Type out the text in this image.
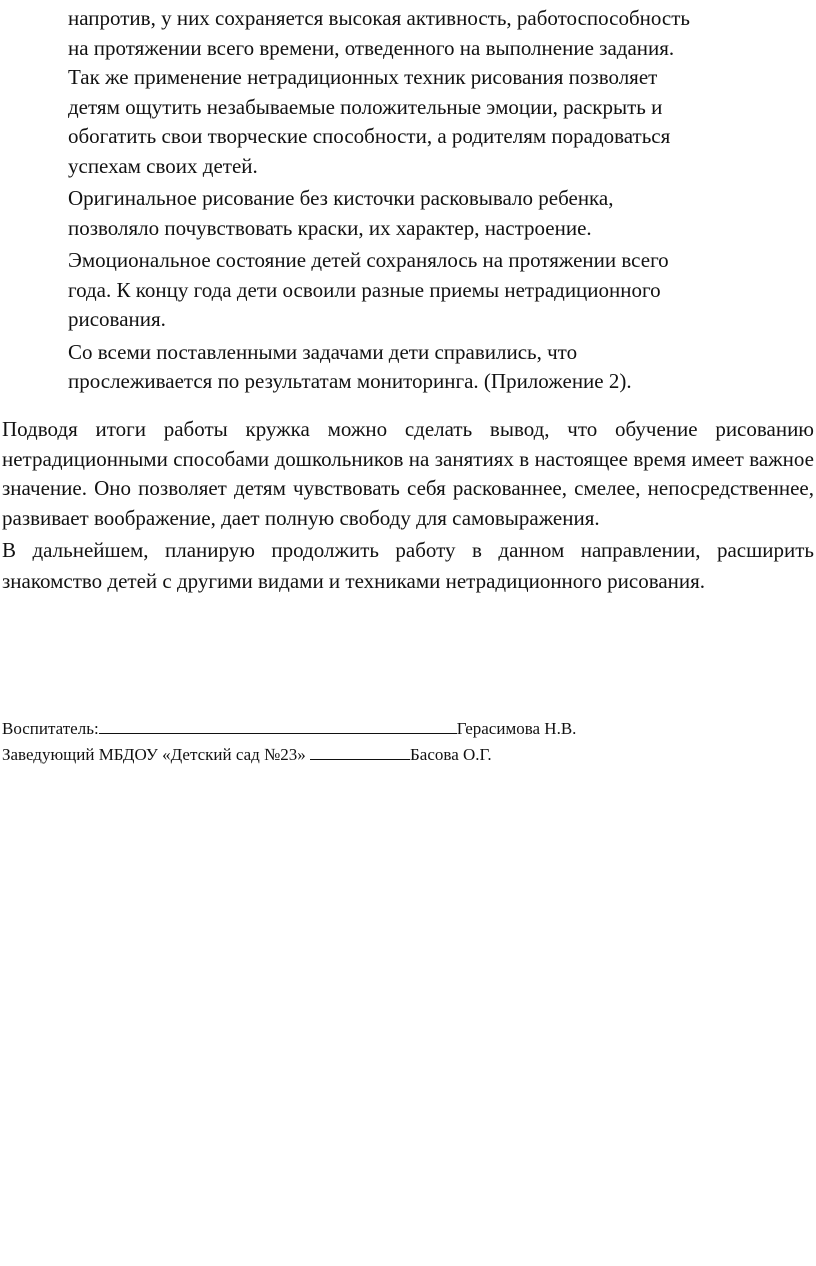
напротив, у них сохраняется высокая активность, работоспособность
на протяжении всего времени, отведенного на выполнение задания.
Так же применение нетрадиционных техник рисования позволяет
детям ощутить незабываемые положительные эмоции, раскрыть и
обогатить свои творческие способности, а родителям порадоваться
успехам своих детей.

Оригинальное рисование без кисточки расковывало ребенка,
позволяло почувствовать краски, их характер, настроение.

Эмоциональное состояние детей сохранялось на протяжении всего
года. К концу года дети освоили разные приемы нетрадиционного
рисования.

Со всеми поставленными задачами дети справились, что
прослеживается по результатам мониторинга. (Приложение 2).

Подводя итоги работы кружка можно сделать вывод, что обучение рисованию нетрадиционными способами дошкольников на занятиях в настоящее время имеет важное значение. Оно позволяет детям чувствовать себя раскованнее, смелее, непосредственнее, развивает воображение, дает полную свободу для самовыражения.

В дальнейшем, планирую продолжить работу в данном направлении, расширить знакомство детей с другими видами и техниками нетрадиционного рисования.

Воспитатель:	Герасимова Н.В.
Заведующий МБДОУ «Детский сад №23»	Басова О.Г.
